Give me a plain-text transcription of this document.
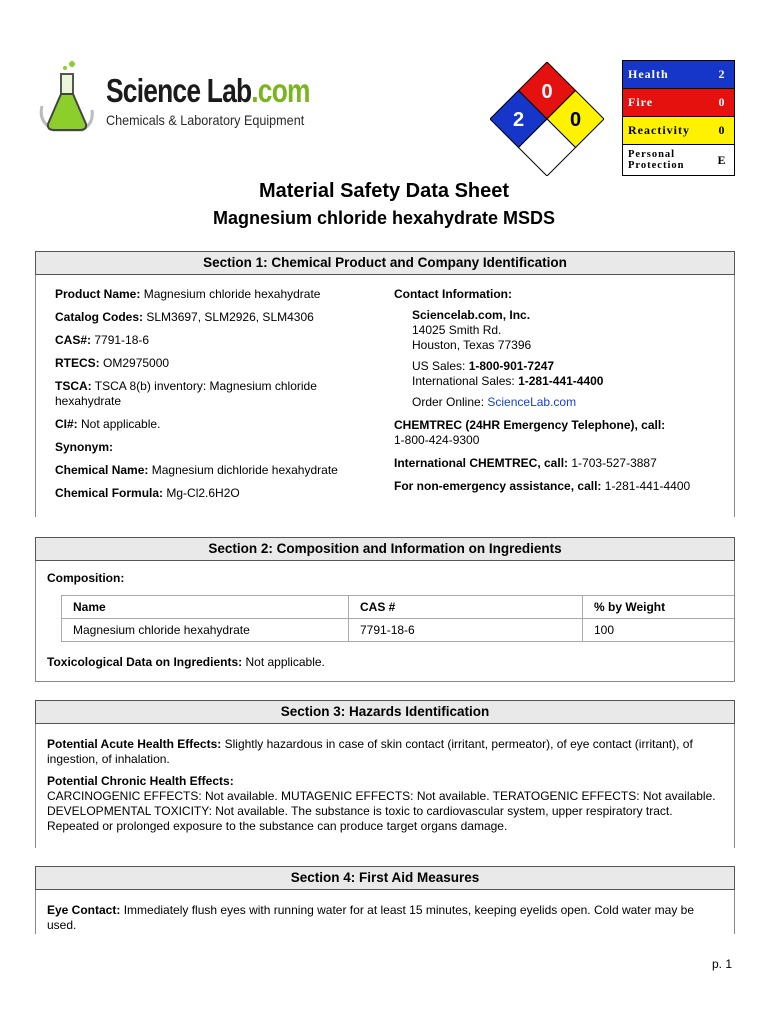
Science Lab.com
Chemicals & Laboratory Equipment
0
2 0
Health	2
Fire	0
Reactivity	0
Personal Protection	E
Material Safety Data Sheet
Magnesium chloride hexahydrate MSDS
Section 1: Chemical Product and Company Identification
Product Name: Magnesium chloride hexahydrate
Catalog Codes: SLM3697, SLM2926, SLM4306
CAS#: 7791-18-6
RTECS: OM2975000
TSCA: TSCA 8(b) inventory: Magnesium chloride hexahydrate
CI#: Not applicable.
Synonym:
Chemical Name: Magnesium dichloride hexahydrate
Chemical Formula: Mg-Cl2.6H2O
Contact Information:
Sciencelab.com, Inc.
14025 Smith Rd.
Houston, Texas 77396
US Sales: 1-800-901-7247
International Sales: 1-281-441-4400
Order Online: ScienceLab.com
CHEMTREC (24HR Emergency Telephone), call:
1-800-424-9300
International CHEMTREC, call: 1-703-527-3887
For non-emergency assistance, call: 1-281-441-4400
Section 2: Composition and Information on Ingredients
Composition:
Name	CAS #	% by Weight
Magnesium chloride hexahydrate	7791-18-6	100
Toxicological Data on Ingredients: Not applicable.
Section 3: Hazards Identification
Potential Acute Health Effects: Slightly hazardous in case of skin contact (irritant, permeator), of eye contact (irritant), of ingestion, of inhalation.
Potential Chronic Health Effects:
CARCINOGENIC EFFECTS: Not available. MUTAGENIC EFFECTS: Not available. TERATOGENIC EFFECTS: Not available. DEVELOPMENTAL TOXICITY: Not available. The substance is toxic to cardiovascular system, upper respiratory tract. Repeated or prolonged exposure to the substance can produce target organs damage.
Section 4: First Aid Measures
Eye Contact: Immediately flush eyes with running water for at least 15 minutes, keeping eyelids open. Cold water may be used.
p. 1
